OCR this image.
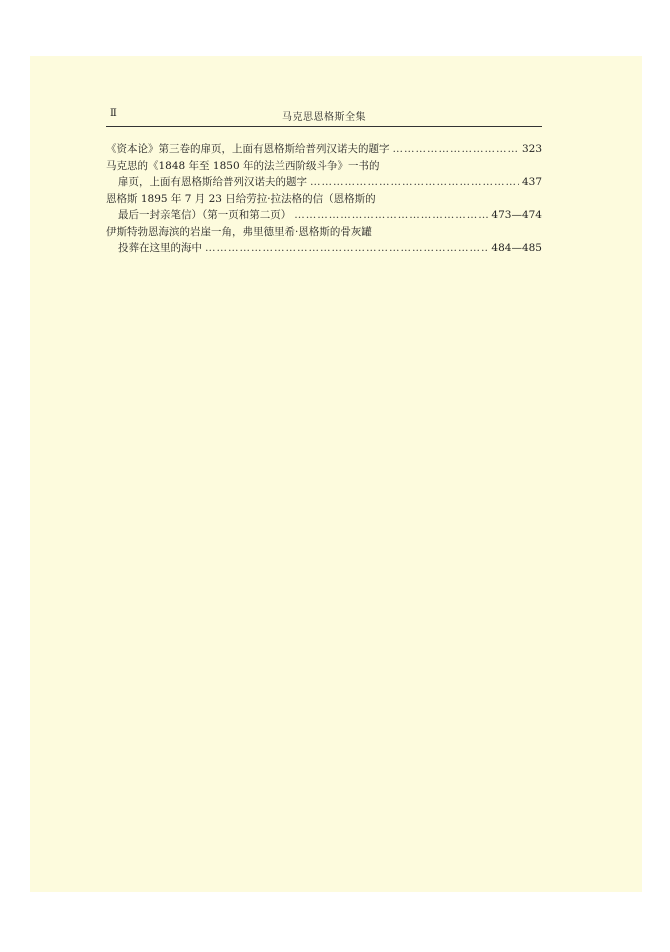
Ⅱ	马克思恩格斯全集
《资本论》第三卷的扉页，上面有恩格斯给普列汉诺夫的题字 …………………………………………………………………………………………………………	323
马克思的《1848 年至 1850 年的法兰西阶级斗争》一书的
扉页，上面有恩格斯给普列汉诺夫的题字 …………………………………………………………………………………………………………	437
恩格斯 1895 年 7 月 23 日给劳拉·拉法格的信（恩格斯的
最后一封亲笔信）（第一页和第二页） …………………………………………………………………………………………………………	473—474
伊斯特勃恩海滨的岩崖一角，弗里德里希·恩格斯的骨灰罐
投葬在这里的海中 …………………………………………………………………………………………………………	484—485
